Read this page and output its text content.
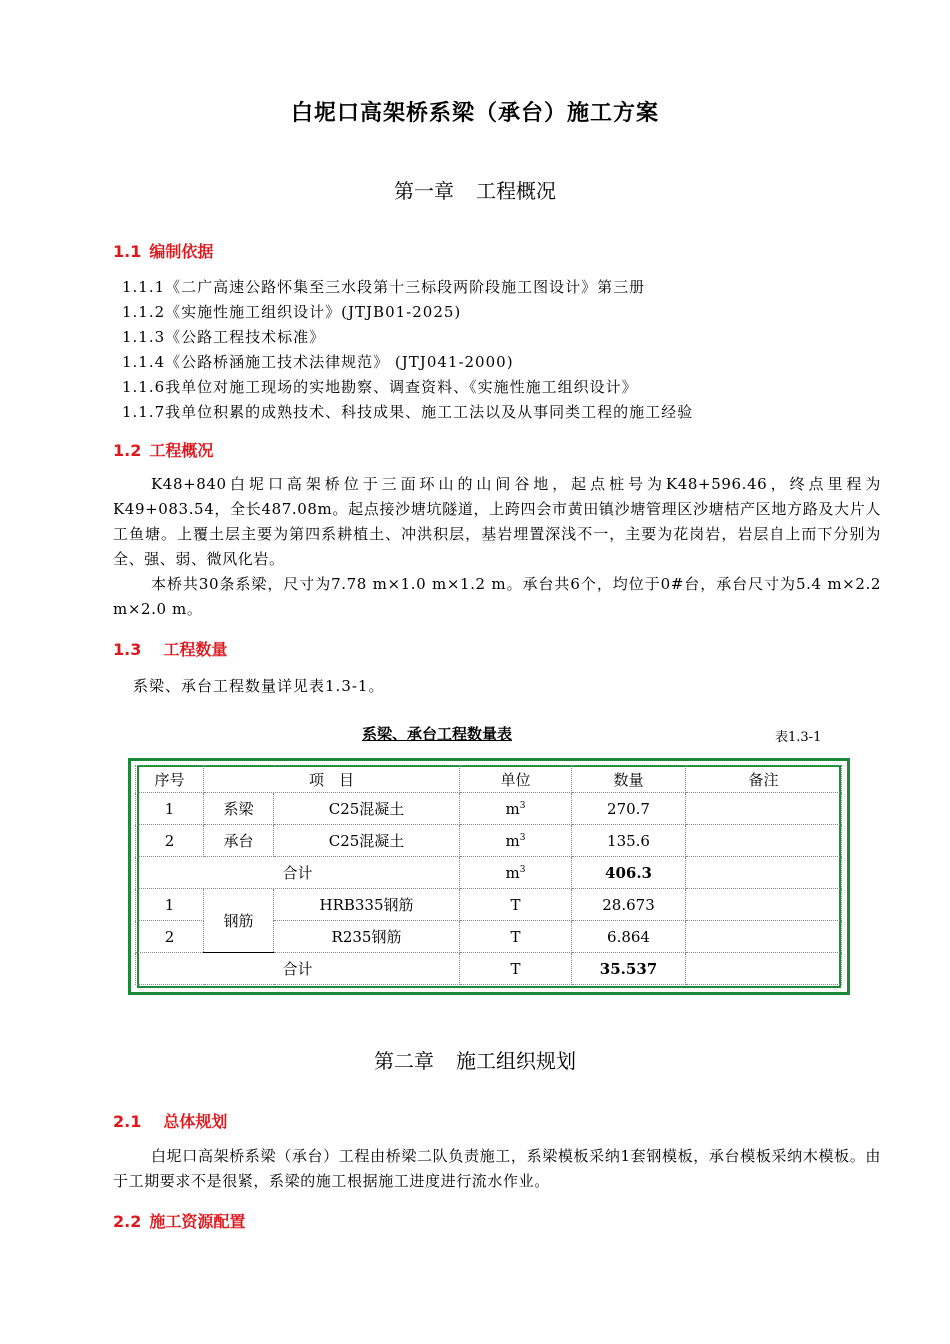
白坭口高架桥系梁（承台）施工方案
第一章 工程概况
1.1 编制依据
1.1.1《二广高速公路怀集至三水段第十三标段两阶段施工图设计》第三册
1.1.2《实施性施工组织设计》(JTJB01-2025)
1.1.3《公路工程技术标准》
1.1.4《公路桥涵施工技术法律规范》 (JTJ041-2000)
1.1.6我单位对施工现场的实地勘察、调查资料、《实施性施工组织设计》
1.1.7我单位积累的成熟技术、科技成果、施工工法以及从事同类工程的施工经验
1.2 工程概况

K48+840白坭口高架桥位于三面环山的山间谷地，起点桩号为K48+596.46，终点里程为K49+083.54，全长487.08m。起点接沙塘坑隧道，上跨四会市黄田镇沙塘管理区沙塘桔产区地方路及大片人工鱼塘。上覆土层主要为第四系耕植土、冲洪积层，基岩埋置深浅不一，主要为花岗岩，岩层自上而下分别为全、强、弱、微风化岩。

本桥共30条系梁，尺寸为7.78 m×1.0 m×1.2 m。承台共6个，均位于0#台，承台尺寸为5.4 m×2.2 m×2.0 m。

1.3 工程数量
系梁、承台工程数量详见表1.3-1。
系梁、承台工程数量表	表1.3-1
序号	项　目		单位	数量	备注
1	系梁	C25混凝土	$m^3$	270.7	
2	承台	C25混凝土	$m^3$	135.6	
合计			$m^3$	406.3	
1	钢筋	HRB335钢筋	T	28.673	
2		R235钢筋	T	6.864	
合计			T	35.537	
第二章 施工组织规划
2.1 总体规划

白坭口高架桥系梁（承台）工程由桥梁二队负责施工，系梁模板采纳1套钢模板，承台模板采纳木模板。由于工期要求不是很紧，系梁的施工根据施工进度进行流水作业。

2.2 施工资源配置
